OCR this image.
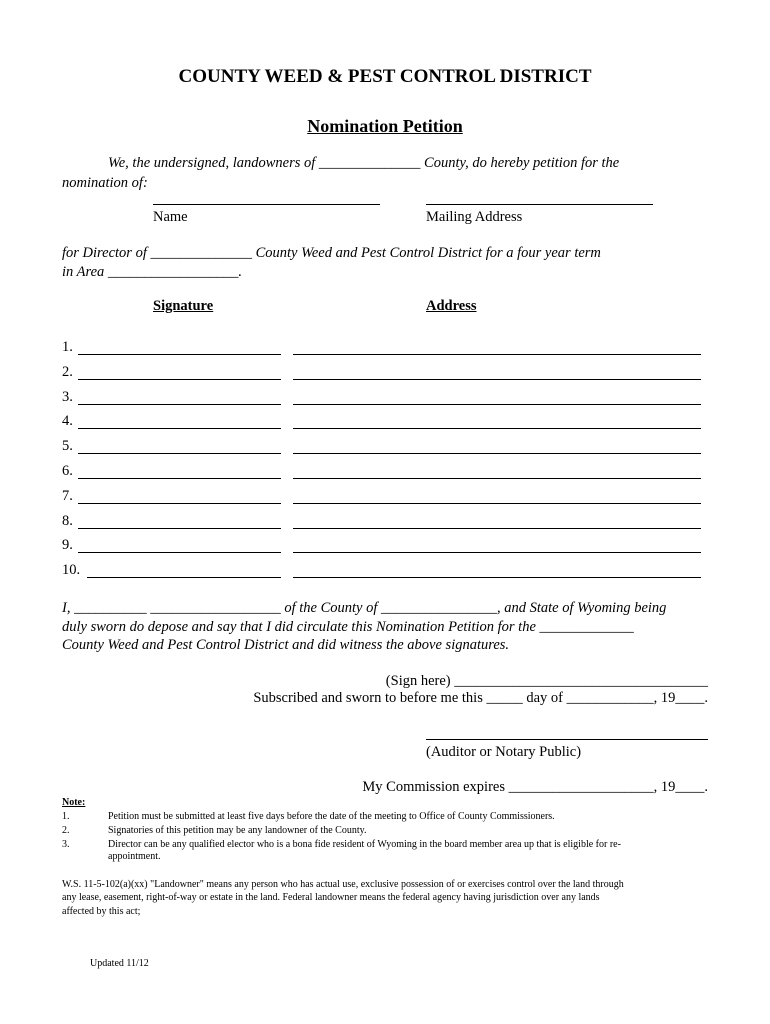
COUNTY WEED & PEST CONTROL DISTRICT
Nomination Petition
We, the undersigned, landowners of ______________ County, do hereby petition for the
nomination of:
Name	Mailing Address
for Director of ______________ County Weed and Pest Control District for a four year term
in Area __________________.
Signature	Address
1.
2.
3.
4.
5.
6.
7.
8.
9.
10.
I, __________ __________________ of the County of ________________, and State of Wyoming being
duly sworn do depose and say that I did circulate this Nomination Petition for the _____________
County Weed and Pest Control District and did witness the above signatures.
(Sign here) ___________________________________
Subscribed and sworn to before me this _____ day of ____________, 19____.
(Auditor or Notary Public)
My Commission expires ____________________, 19____.
Note:
1.	Petition must be submitted at least five days before the date of the meeting to Office of County Commissioners.
2.	Signatories of this petition may be any landowner of the County.
3.	Director can be any qualified elector who is a bona fide resident of Wyoming in the board member area up that is eligible for re-
appointment.
W.S. 11-5-102(a)(xx) "Landowner" means any person who has actual use, exclusive possession of or exercises control over the land through
any lease, easement, right-of-way or estate in the land. Federal landowner means the federal agency having jurisdiction over any lands
affected by this act;
Updated 11/12
